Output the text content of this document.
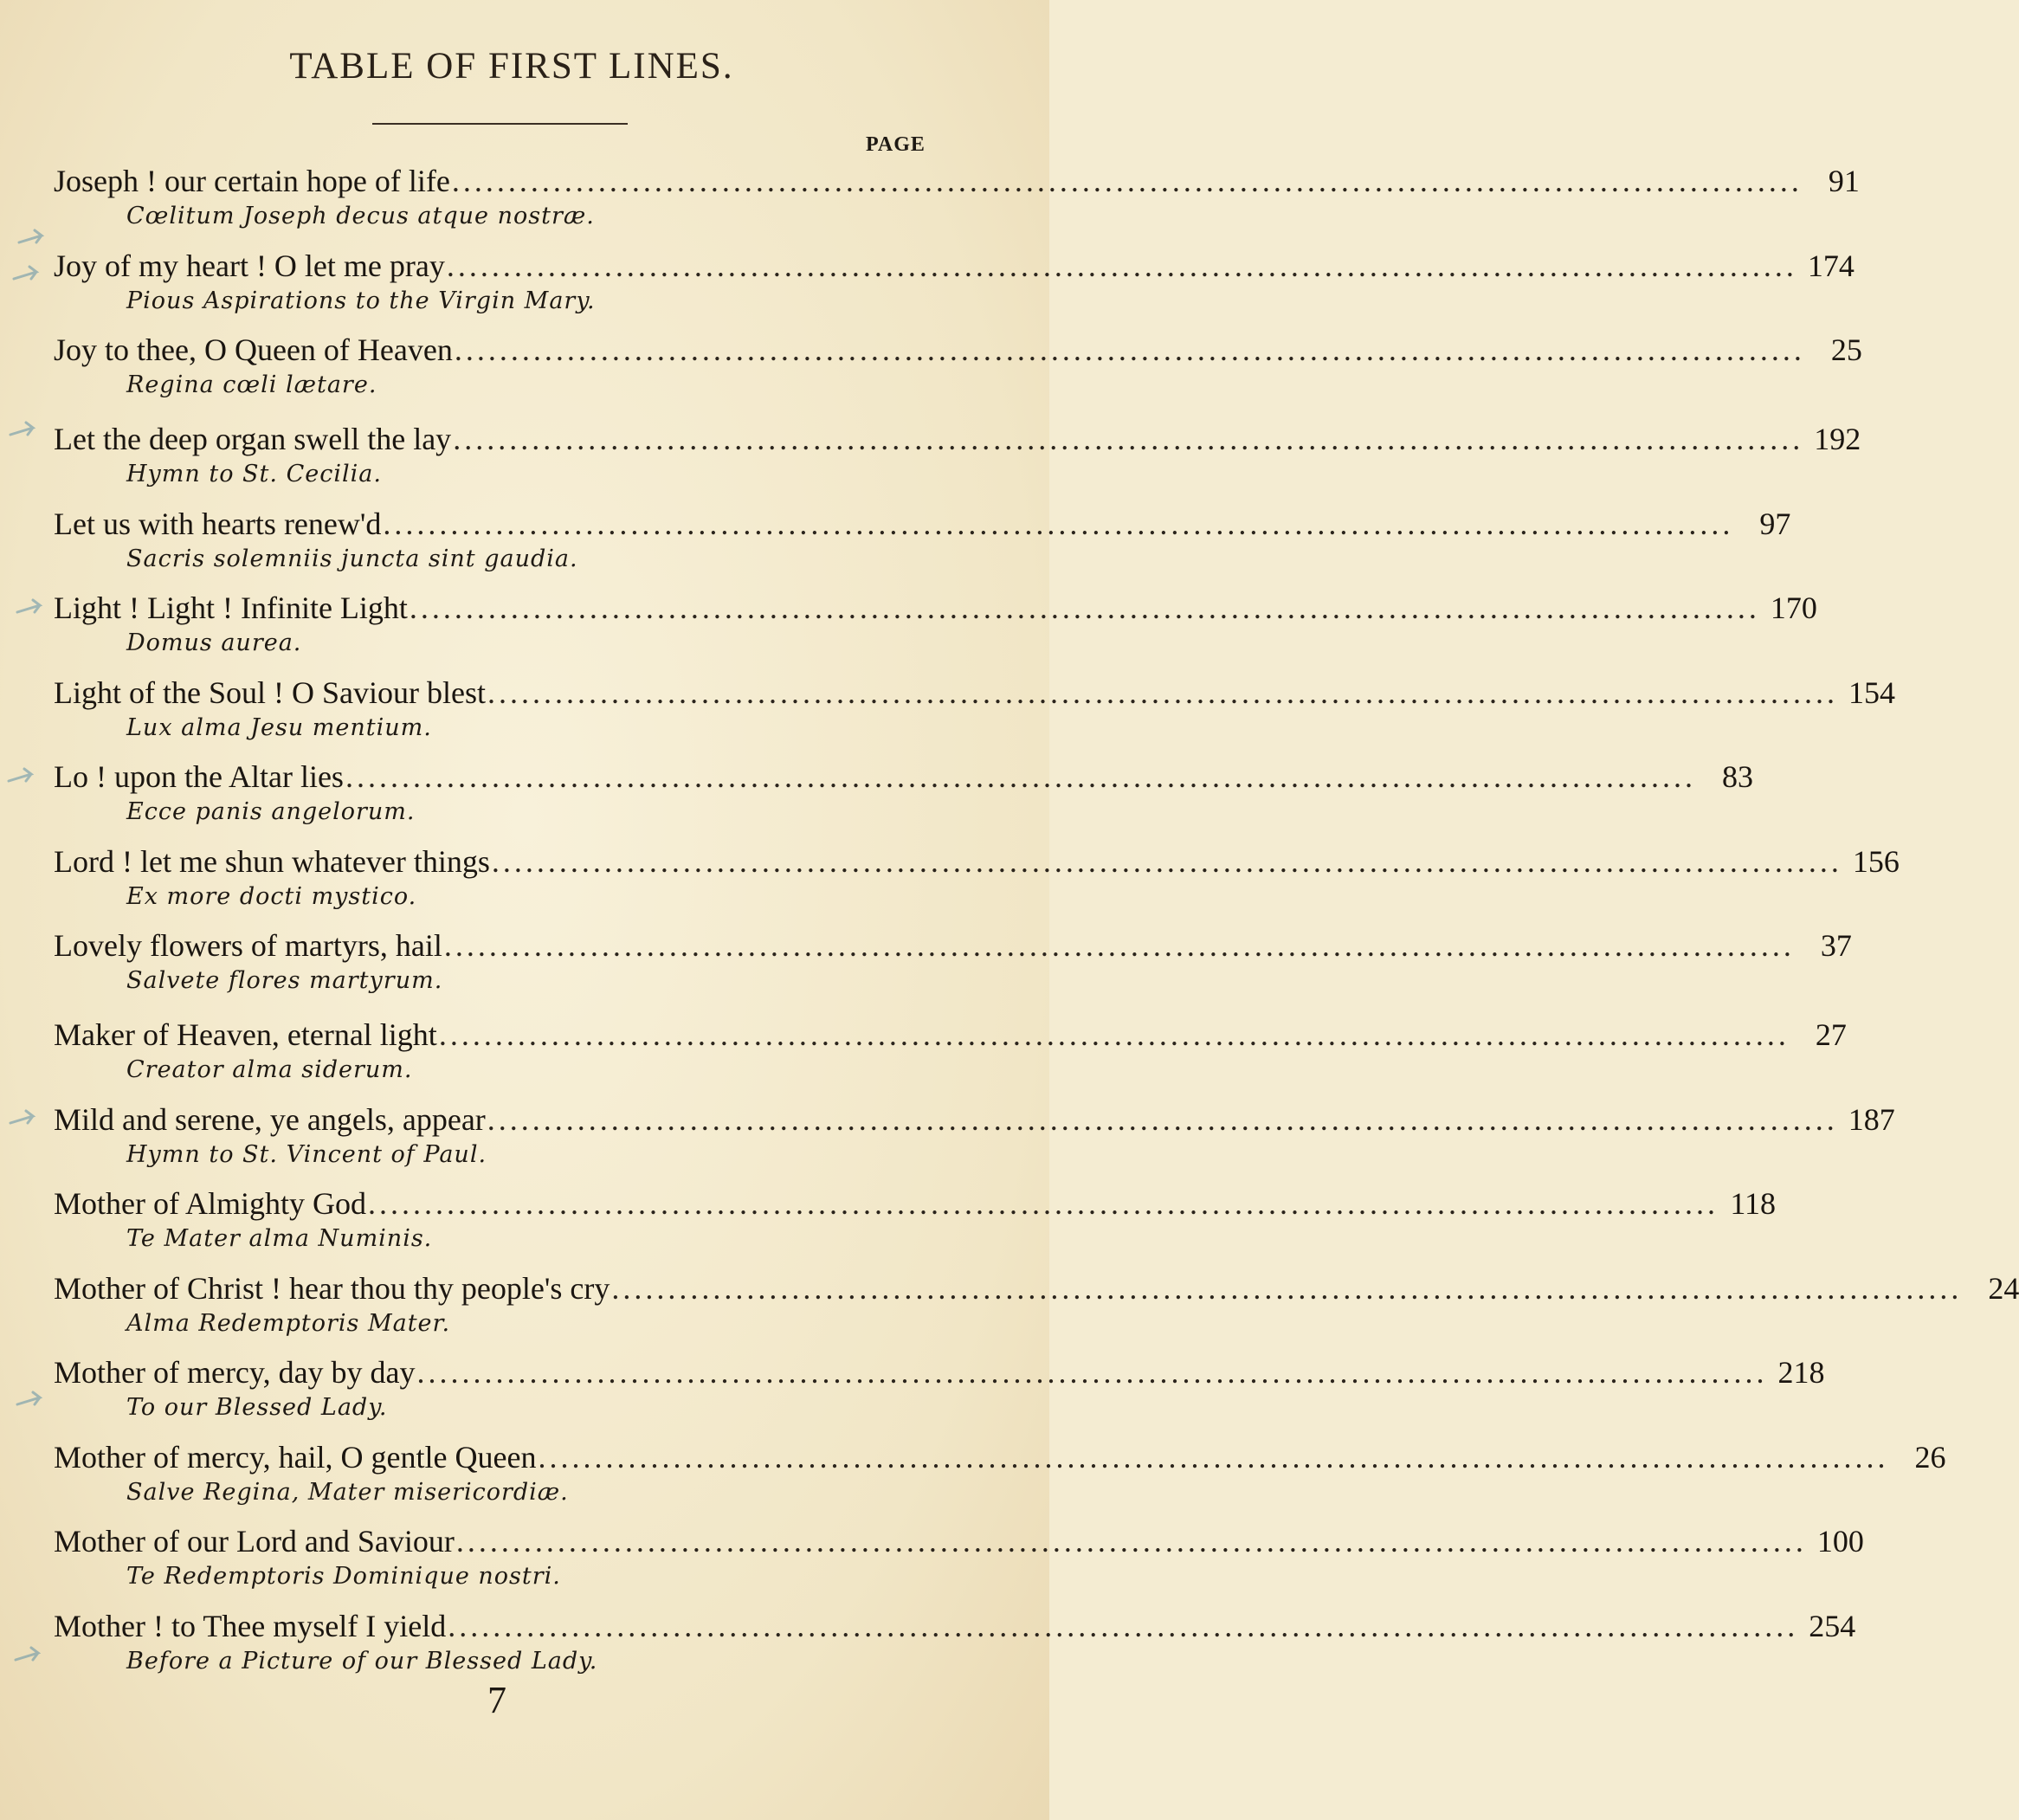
TABLE OF FIRST LINES.
PAGE
Joseph ! our certain hope of life ........................................................................................................................ 91
Cœlitum Joseph decus atque nostræ.
Joy of my heart ! O let me pray ........................................................................................................................ 174
Pious Aspirations to the Virgin Mary.
Joy to thee, O Queen of Heaven ........................................................................................................................ 25
Regina cœli lætare.
Let the deep organ swell the lay ........................................................................................................................ 192
Hymn to St. Cecilia.
Let us with hearts renew'd ........................................................................................................................ 97
Sacris solemniis juncta sint gaudia.
Light ! Light ! Infinite Light ........................................................................................................................ 170
Domus aurea.
Light of the Soul ! O Saviour blest ........................................................................................................................ 154
Lux alma Jesu mentium.
Lo ! upon the Altar lies ........................................................................................................................ 83
Ecce panis angelorum.
Lord ! let me shun whatever things ........................................................................................................................ 156
Ex more docti mystico.
Lovely flowers of martyrs, hail ........................................................................................................................ 37
Salvete flores martyrum.
Maker of Heaven, eternal light ........................................................................................................................ 27
Creator alma siderum.
Mild and serene, ye angels, appear ........................................................................................................................ 187
Hymn to St. Vincent of Paul.
Mother of Almighty God ........................................................................................................................ 118
Te Mater alma Numinis.
Mother of Christ ! hear thou thy people's cry ........................................................................................................................ 24
Alma Redemptoris Mater.
Mother of mercy, day by day ........................................................................................................................ 218
To our Blessed Lady.
Mother of mercy, hail, O gentle Queen ........................................................................................................................ 26
Salve Regina, Mater misericordiæ.
Mother of our Lord and Saviour ........................................................................................................................ 100
Te Redemptoris Dominique nostri.
Mother ! to Thee myself I yield ........................................................................................................................ 254
Before a Picture of our Blessed Lady.
7
